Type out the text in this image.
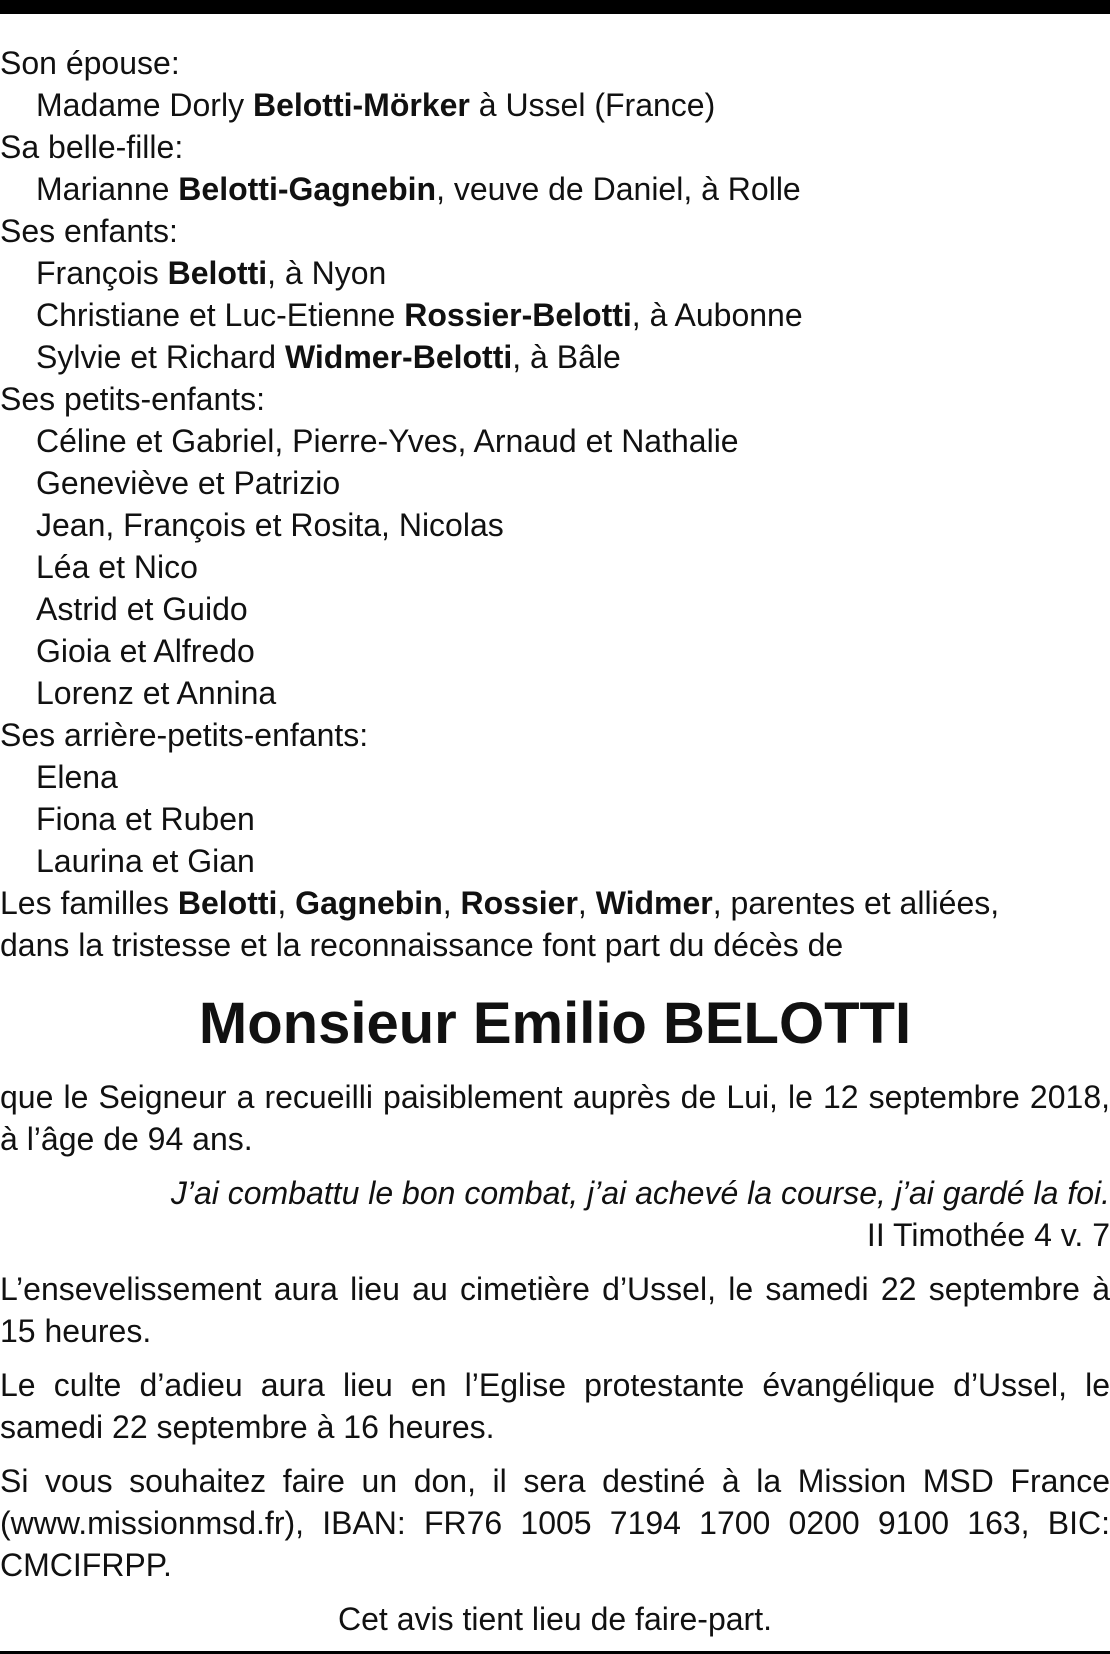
Son épouse:
Madame Dorly Belotti-Mörker à Ussel (France)
Sa belle-fille:
Marianne Belotti-Gagnebin, veuve de Daniel, à Rolle
Ses enfants:
François Belotti, à Nyon
Christiane et Luc-Etienne Rossier-Belotti, à Aubonne
Sylvie et Richard Widmer-Belotti, à Bâle
Ses petits-enfants:
Céline et Gabriel, Pierre-Yves, Arnaud et Nathalie
Geneviève et Patrizio
Jean, François et Rosita, Nicolas
Léa et Nico
Astrid et Guido
Gioia et Alfredo
Lorenz et Annina
Ses arrière-petits-enfants:
Elena
Fiona et Ruben
Laurina et Gian
Les familles Belotti, Gagnebin, Rossier, Widmer, parentes et alliées,
dans la tristesse et la reconnaissance font part du décès de
Monsieur Emilio BELOTTI

que le Seigneur a recueilli paisiblement auprès de Lui, le 12 septembre 2018, à l’âge de 94 ans.

J’ai combattu le bon combat, j’ai achevé la course, j’ai gardé la foi.
II Timothée 4 v. 7

L’ensevelissement aura lieu au cimetière d’Ussel, le samedi 22 septembre à 15 heures.

Le culte d’adieu aura lieu en l’Eglise protestante évangélique d’Ussel, le samedi 22 septembre à 16 heures.

Si vous souhaitez faire un don, il sera destiné à la Mission MSD France (www.missionmsd.fr), IBAN: FR76 1005 7194 1700 0200 9100 163, BIC: CMCIFRPP.

Cet avis tient lieu de faire-part.
